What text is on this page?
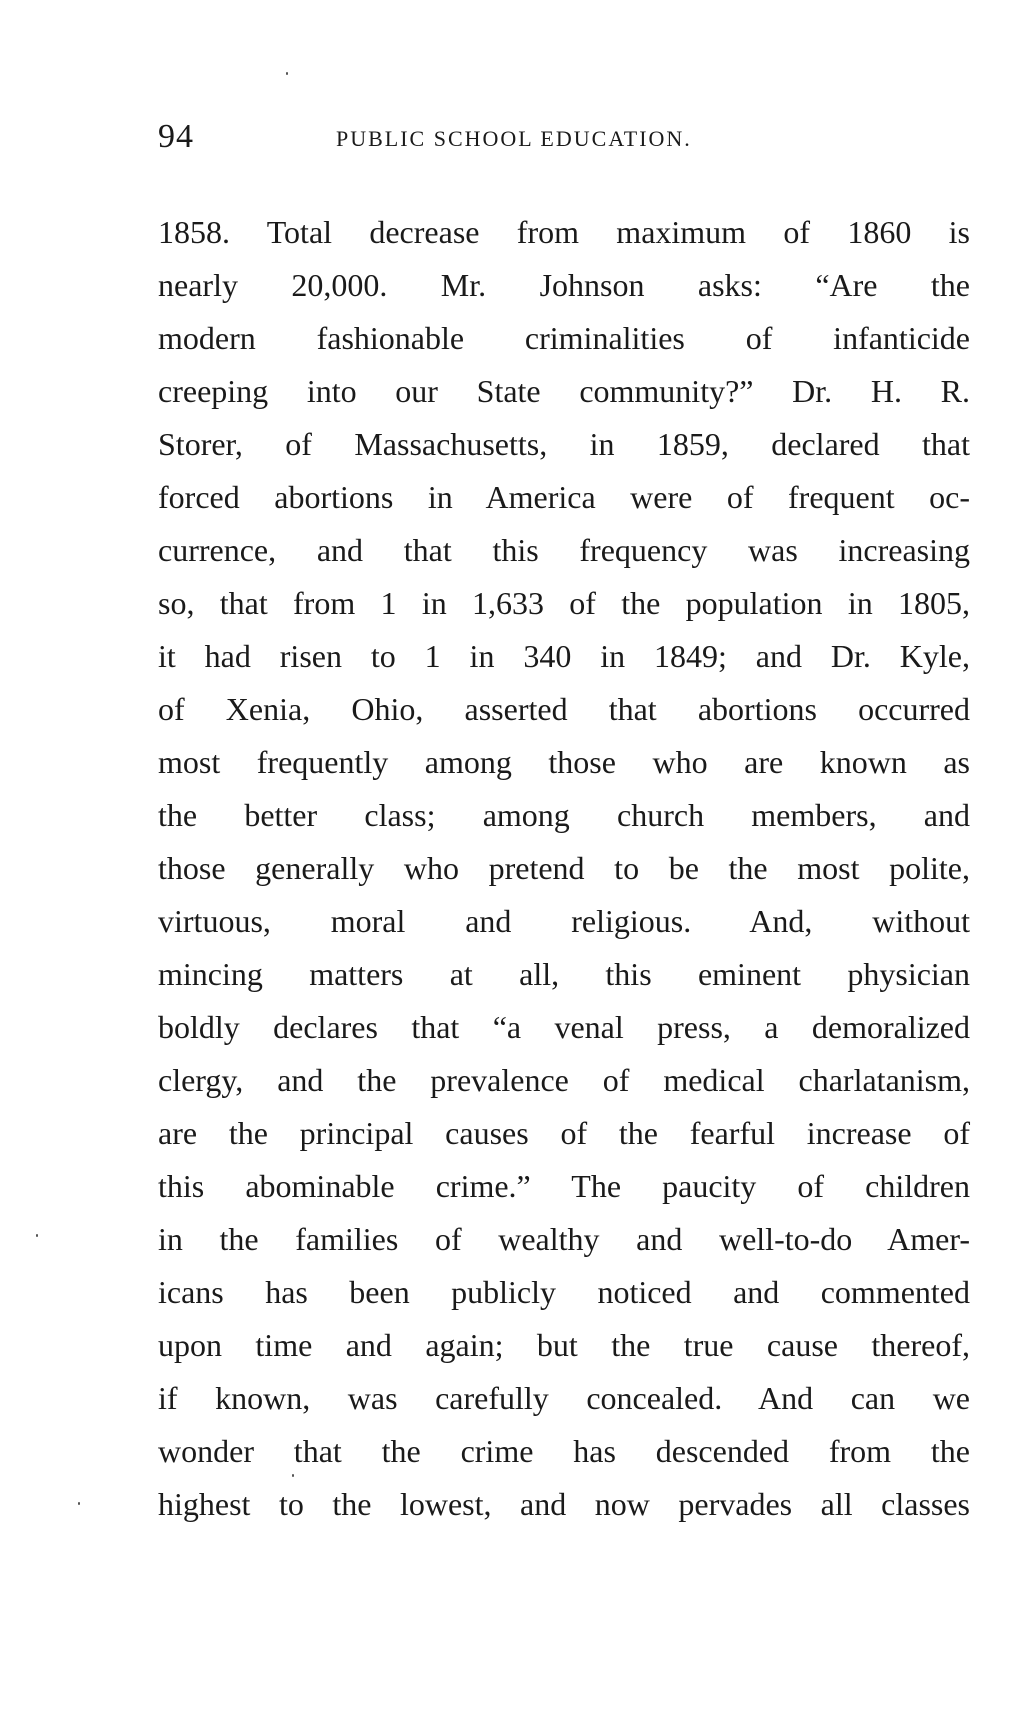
94	PUBLIC SCHOOL EDUCATION.
1858. Total decrease from maximum of 1860 is
nearly 20,000. Mr. Johnson asks: “Are the
modern fashionable criminalities of infanticide
creeping into our State community?” Dr. H. R.
Storer, of Massachusetts, in 1859, declared that
forced abortions in America were of frequent oc-
currence, and that this frequency was increasing
so, that from 1 in 1,633 of the population in 1805,
it had risen to 1 in 340 in 1849; and Dr. Kyle,
of Xenia, Ohio, asserted that abortions occurred
most frequently among those who are known as
the better class; among church members, and
those generally who pretend to be the most polite,
virtuous, moral and religious. And, without
mincing matters at all, this eminent physician
boldly declares that “a venal press, a demoralized
clergy, and the prevalence of medical charlatanism,
are the principal causes of the fearful increase of
this abominable crime.” The paucity of children
in the families of wealthy and well-to-do Amer-
icans has been publicly noticed and commented
upon time and again; but the true cause thereof,
if known, was carefully concealed. And can we
wonder that the crime has descended from the
highest to the lowest, and now pervades all classes
